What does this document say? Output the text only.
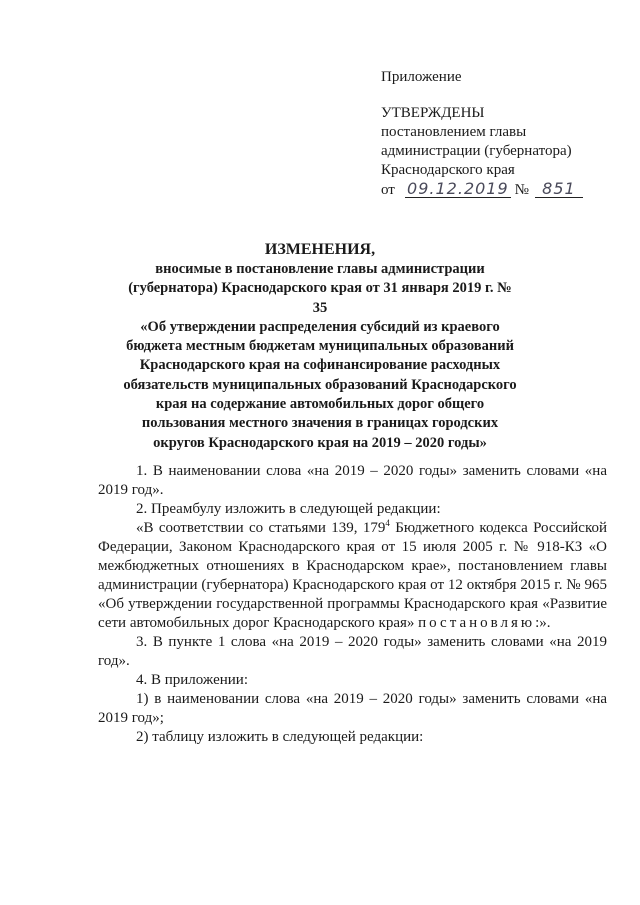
Приложение
УТВЕРЖДЕНЫ
постановлением главы
администрации (губернатора)
Краснодарского края
от 09.12.2019 № 851
ИЗМЕНЕНИЯ,
вносимые в постановление главы администрации
(губернатора) Краснодарского края от 31 января 2019 г. № 35
«Об утверждении распределения субсидий из краевого
бюджета местным бюджетам муниципальных образований
Краснодарского края на софинансирование расходных
обязательств муниципальных образований Краснодарского
края на содержание автомобильных дорог общего
пользования местного значения в границах городских
округов Краснодарского края на 2019 – 2020 годы»

1. В наименовании слова «на 2019 – 2020 годы» заменить словами «на 2019 год».

2. Преамбулу изложить в следующей редакции:

«В соответствии со статьями 139, $179^4$ Бюджетного кодекса Российской Федерации, Законом Краснодарского края от 15 июля 2005 г. № 918-КЗ «О межбюджетных отношениях в Краснодарском крае», постановлением главы администрации (губернатора) Краснодарского края от 12 октября 2015 г. № 965 «Об утверждении государственной программы Краснодарского края «Развитие сети автомобильных дорог Краснодарского края» постановляю:».

3. В пункте 1 слова «на 2019 – 2020 годы» заменить словами «на 2019 год».

4. В приложении:

1) в наименовании слова «на 2019 – 2020 годы» заменить словами «на 2019 год»;

2) таблицу изложить в следующей редакции:
